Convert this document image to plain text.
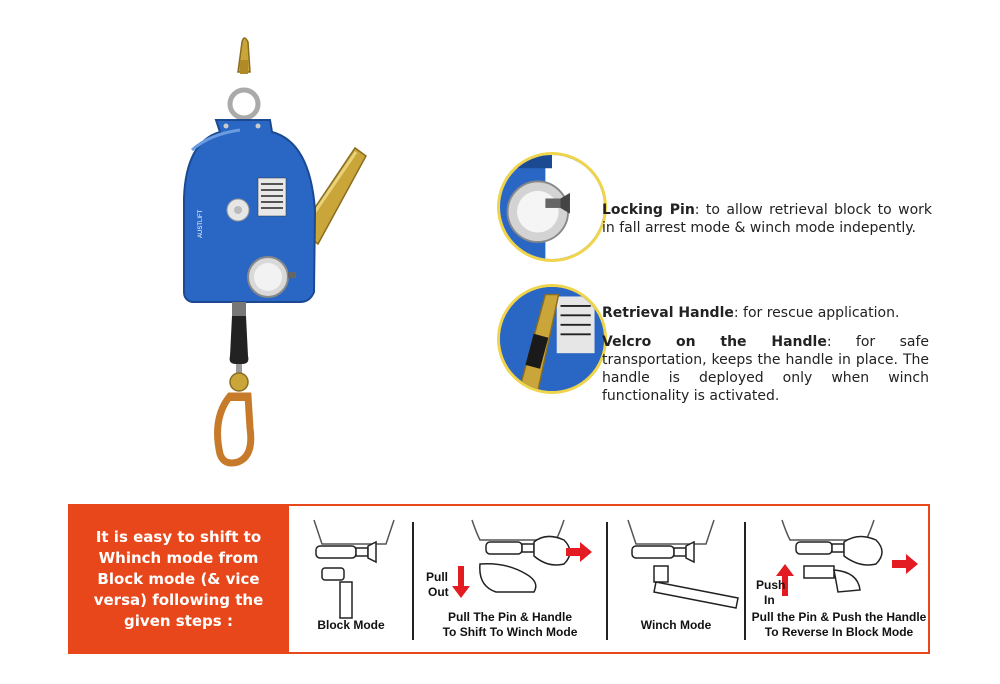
AUSTLIFT	Locking Pin: to allow retrieval block to work in fall arrest mode & winch mode indepently.
Retrieval Handle: for rescue application.
Velcro on the Handle: for safe transportation, keeps the handle in place. The handle is deployed only when winch functionality is activated.
It is easy to shift to Whinch mode from Block mode (& vice versa) following the given steps :	Block Mode
Pull
Out
Pull The Pin & Handle
To Shift To Winch Mode	Winch Mode
Push
In
Pull the Pin & Push the Handle
To Reverse In Block Mode
